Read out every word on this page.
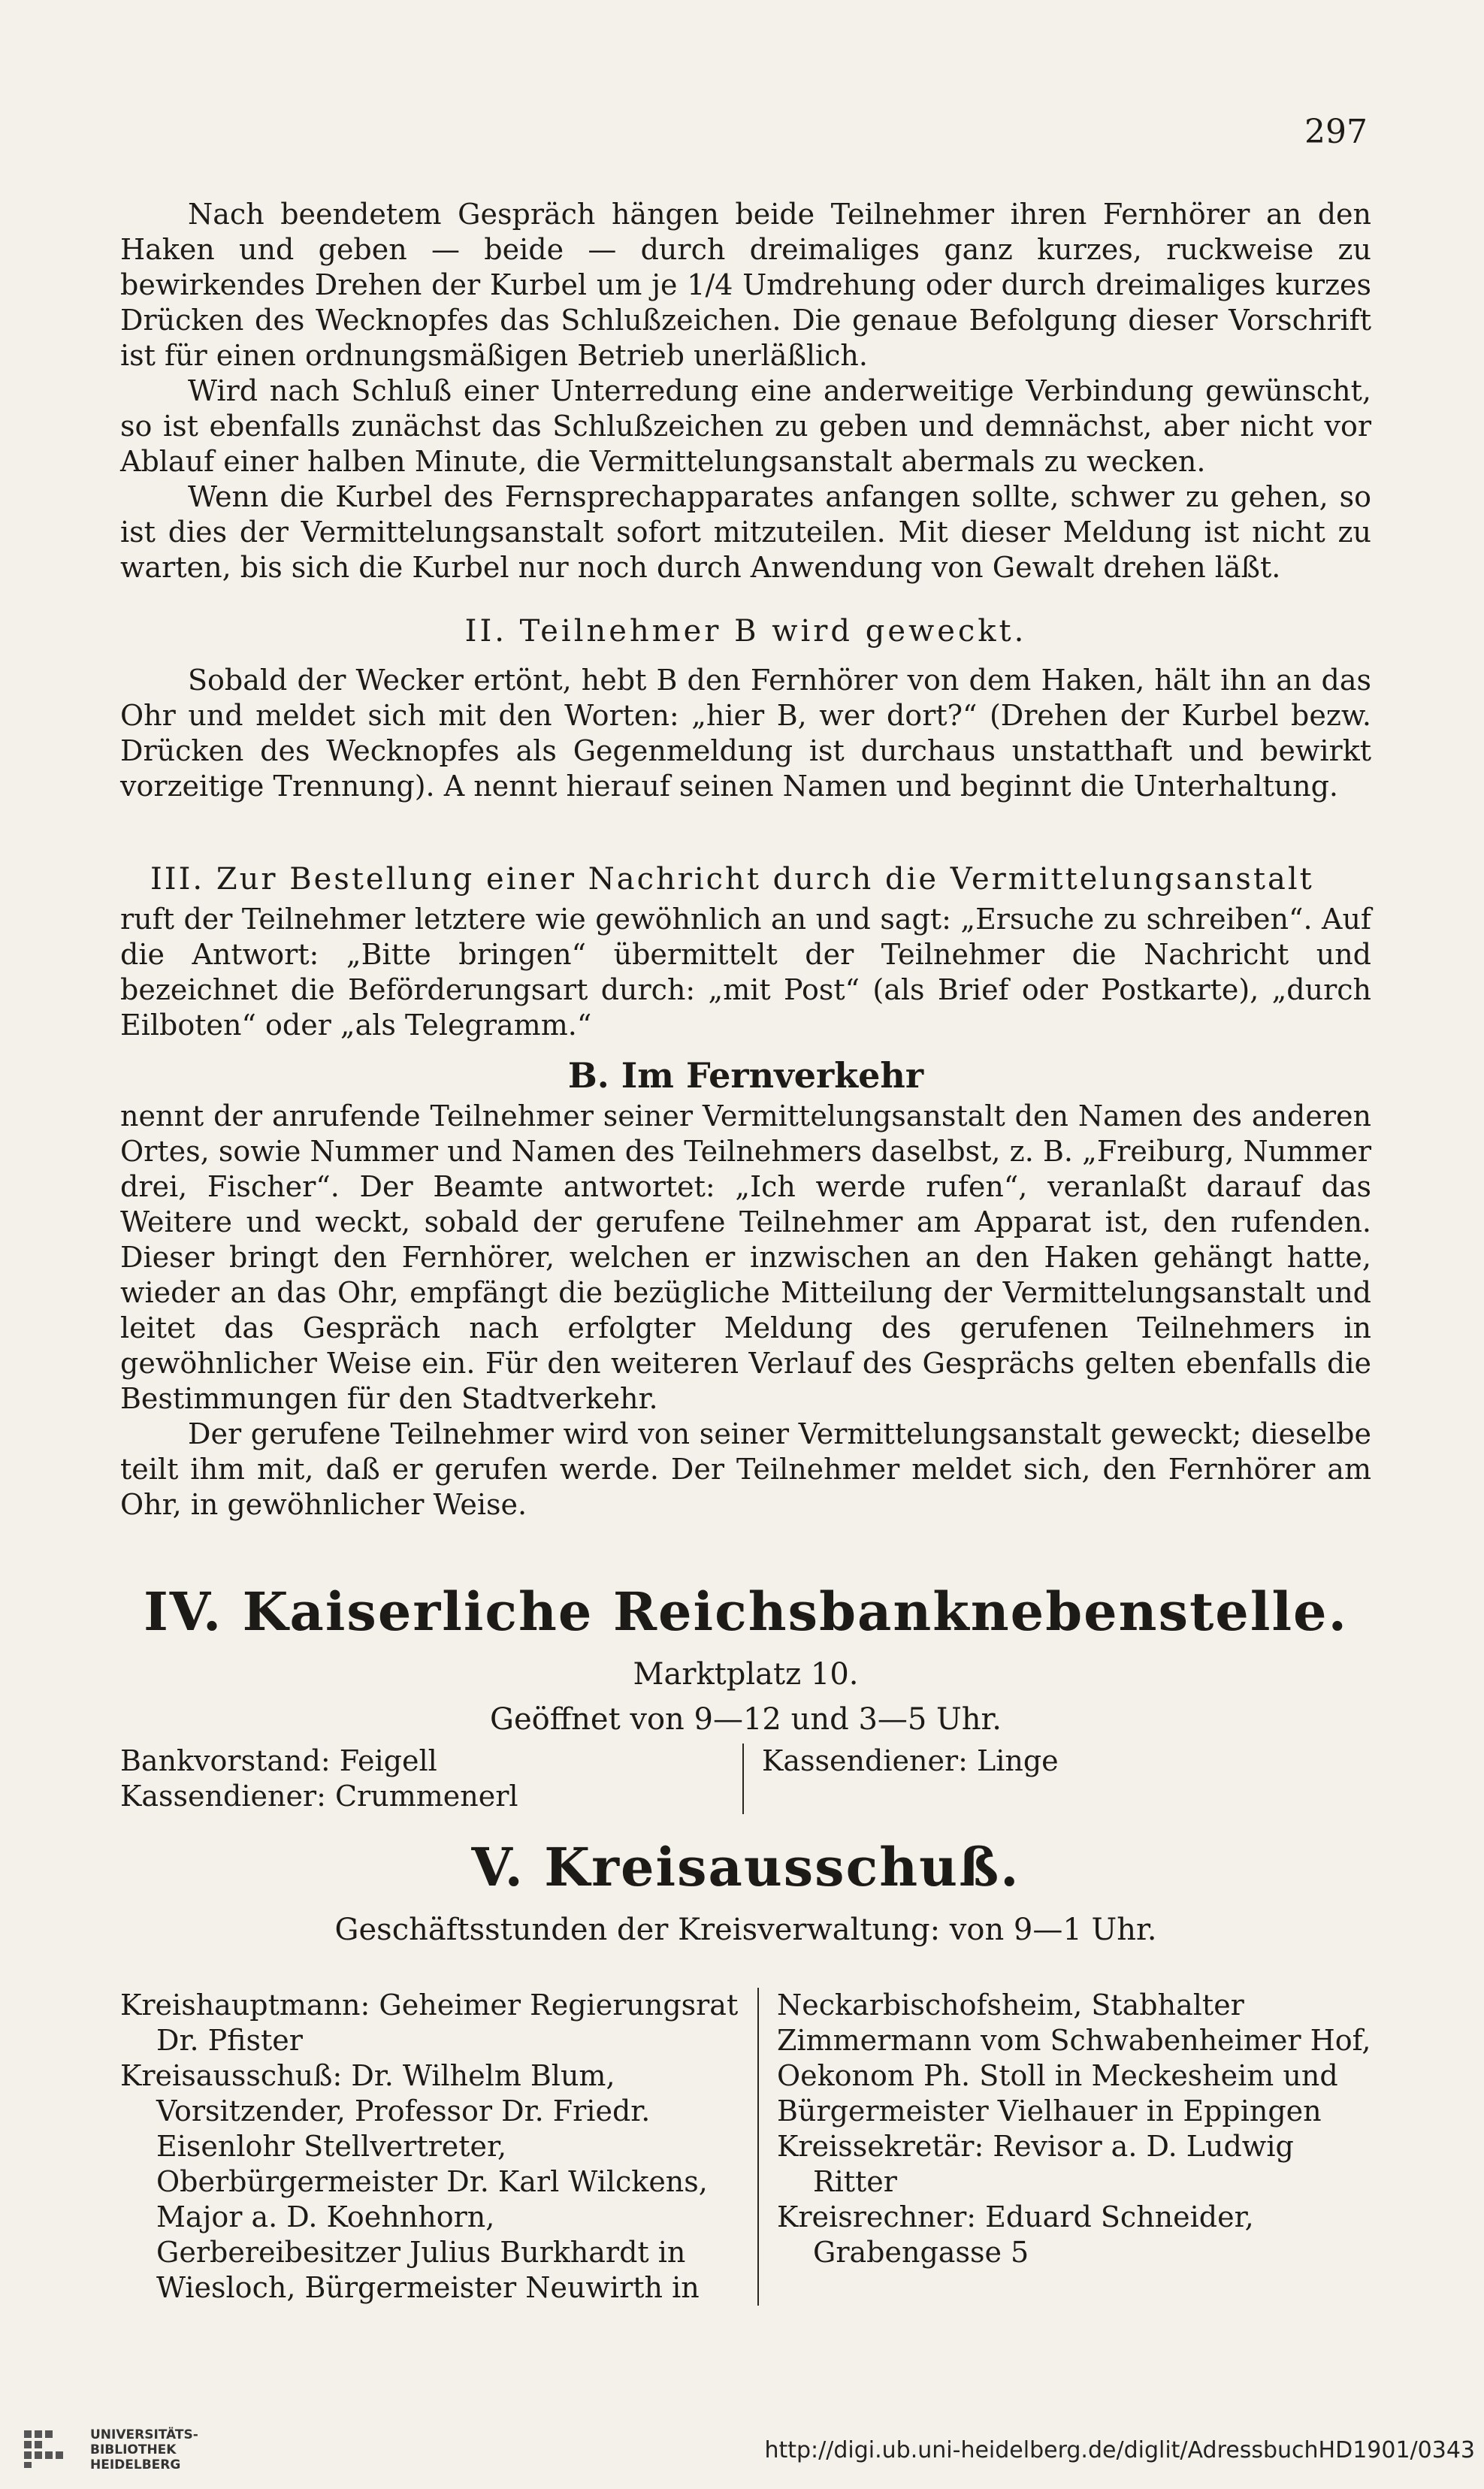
297

Nach beendetem Gespräch hängen beide Teilnehmer ihren Fernhörer an den Haken und geben — beide — durch dreimaliges ganz kurzes, ruckweise zu bewirkendes Drehen der Kurbel um je 1/4 Umdrehung oder durch dreimaliges kurzes Drücken des Wecknopfes das Schlußzeichen. Die genaue Befolgung dieser Vorschrift ist für einen ordnungsmäßigen Betrieb unerläßlich.

Wird nach Schluß einer Unterredung eine anderweitige Verbindung gewünscht, so ist ebenfalls zunächst das Schlußzeichen zu geben und demnächst, aber nicht vor Ablauf einer halben Minute, die Vermittelungsanstalt abermals zu wecken.

Wenn die Kurbel des Fernsprechapparates anfangen sollte, schwer zu gehen, so ist dies der Vermittelungsanstalt sofort mitzuteilen. Mit dieser Meldung ist nicht zu warten, bis sich die Kurbel nur noch durch Anwendung von Gewalt drehen läßt.

II. Teilnehmer B wird geweckt.

Sobald der Wecker ertönt, hebt B den Fernhörer von dem Haken, hält ihn an das Ohr und meldet sich mit den Worten: „hier B, wer dort?“ (Drehen der Kurbel bezw. Drücken des Wecknopfes als Gegenmeldung ist durchaus unstatthaft und bewirkt vorzeitige Trennung). A nennt hierauf seinen Namen und beginnt die Unterhaltung.

III. Zur Bestellung einer Nachricht durch die Vermittelungsanstalt

ruft der Teilnehmer letztere wie gewöhnlich an und sagt: „Ersuche zu schreiben“. Auf die Antwort: „Bitte bringen“ übermittelt der Teilnehmer die Nachricht und bezeichnet die Beförderungsart durch: „mit Post“ (als Brief oder Postkarte), „durch Eilboten“ oder „als Telegramm.“

B. Im Fernverkehr

nennt der anrufende Teilnehmer seiner Vermittelungsanstalt den Namen des anderen Ortes, sowie Nummer und Namen des Teilnehmers daselbst, z. B. „Freiburg, Nummer drei, Fischer“. Der Beamte antwortet: „Ich werde rufen“, veranlaßt darauf das Weitere und weckt, sobald der gerufene Teilnehmer am Apparat ist, den rufenden. Dieser bringt den Fernhörer, welchen er inzwischen an den Haken gehängt hatte, wieder an das Ohr, empfängt die bezügliche Mitteilung der Vermittelungsanstalt und leitet das Gespräch nach erfolgter Meldung des gerufenen Teilnehmers in gewöhnlicher Weise ein. Für den weiteren Verlauf des Gesprächs gelten ebenfalls die Bestimmungen für den Stadtverkehr.

Der gerufene Teilnehmer wird von seiner Vermittelungsanstalt geweckt; dieselbe teilt ihm mit, daß er gerufen werde. Der Teilnehmer meldet sich, den Fernhörer am Ohr, in gewöhnlicher Weise.

IV. Kaiserliche Reichsbanknebenstelle.
Marktplatz 10.
Geöffnet von 9—12 und 3—5 Uhr.
Bankvorstand: Feigell
Kassendiener: Crummenerl
Kassendiener: Linge
V. Kreisausschuß.
Geschäftsstunden der Kreisverwaltung: von 9—1 Uhr.
Kreishauptmann: Geheimer Regierungsrat Dr. Pfister
Kreisausschuß: Dr. Wilhelm Blum, Vorsitzender, Professor Dr. Friedr. Eisenlohr Stellvertreter, Oberbürgermeister Dr. Karl Wilckens, Major a. D. Koehnhorn, Gerbereibesitzer Julius Burkhardt in Wiesloch, Bürgermeister Neuwirth in
Neckarbischofsheim, Stabhalter Zimmermann vom Schwabenheimer Hof, Oekonom Ph. Stoll in Meckesheim und Bürgermeister Vielhauer in Eppingen
Kreissekretär: Revisor a. D. Ludwig Ritter
Kreisrechner: Eduard Schneider, Grabengasse 5
UNIVERSITÄTS-
BIBLIOTHEK
HEIDELBERG
http://digi.ub.uni-heidelberg.de/diglit/AdressbuchHD1901/0343
